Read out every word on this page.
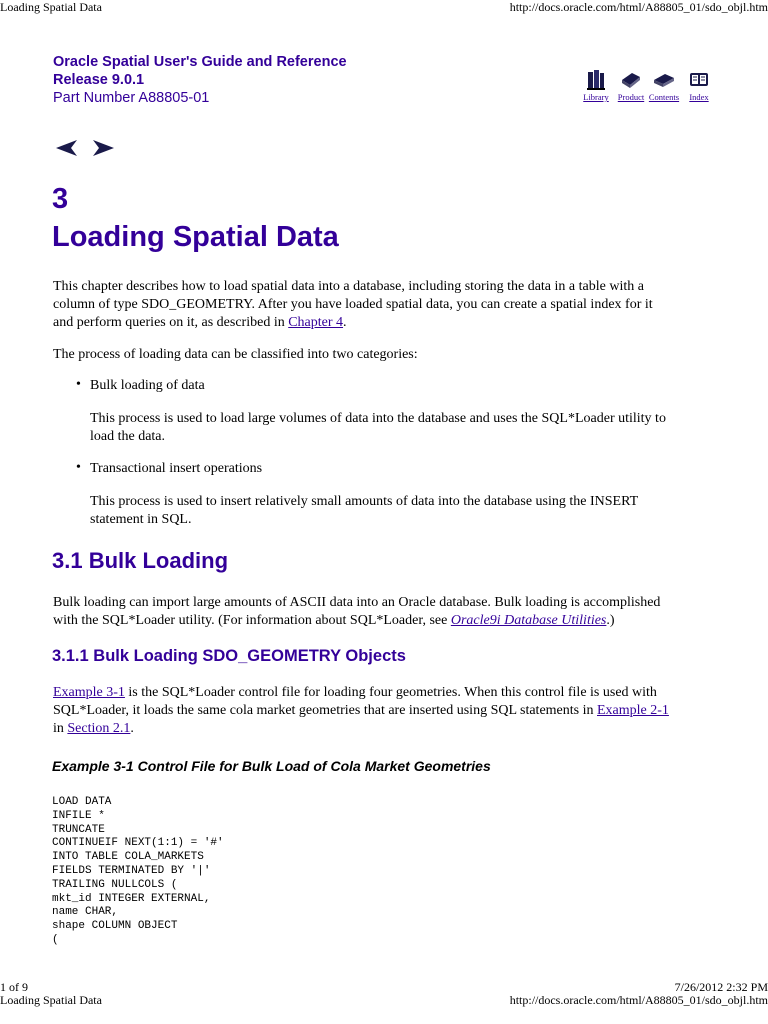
Loading Spatial Data	http://docs.oracle.com/html/A88805_01/sdo_objl.htm
Oracle Spatial User's Guide and Reference
Release 9.0.1
Part Number A88805-01	Library	Product Contents	Index

3
Loading Spatial Data
This chapter describes how to load spatial data into a database, including storing the data in a table with a
column of type SDO_GEOMETRY. After you have loaded spatial data, you can create a spatial index for it
and perform queries on it, as described in Chapter 4.
The process of loading data can be classified into two categories:
• Bulk loading of data
This process is used to load large volumes of data into the database and uses the SQL*Loader utility to
load the data.
• Transactional insert operations
This process is used to insert relatively small amounts of data into the database using the INSERT
statement in SQL.
3.1 Bulk Loading
Bulk loading can import large amounts of ASCII data into an Oracle database. Bulk loading is accomplished
with the SQL*Loader utility. (For information about SQL*Loader, see Oracle9i Database Utilities.)
3.1.1 Bulk Loading SDO_GEOMETRY Objects
Example 3-1 is the SQL*Loader control file for loading four geometries. When this control file is used with
SQL*Loader, it loads the same cola market geometries that are inserted using SQL statements in Example 2-1
in Section 2.1.
Example 3-1 Control File for Bulk Load of Cola Market Geometries
LOAD DATA
INFILE *
TRUNCATE
CONTINUEIF NEXT(1:1) = '#'
INTO TABLE COLA_MARKETS
FIELDS TERMINATED BY '|'
TRAILING NULLCOLS (
mkt_id INTEGER EXTERNAL,
name CHAR,
shape COLUMN OBJECT
(
1 of 9	7/26/2012 2:32 PM
Loading Spatial Data	http://docs.oracle.com/html/A88805_01/sdo_objl.htm
